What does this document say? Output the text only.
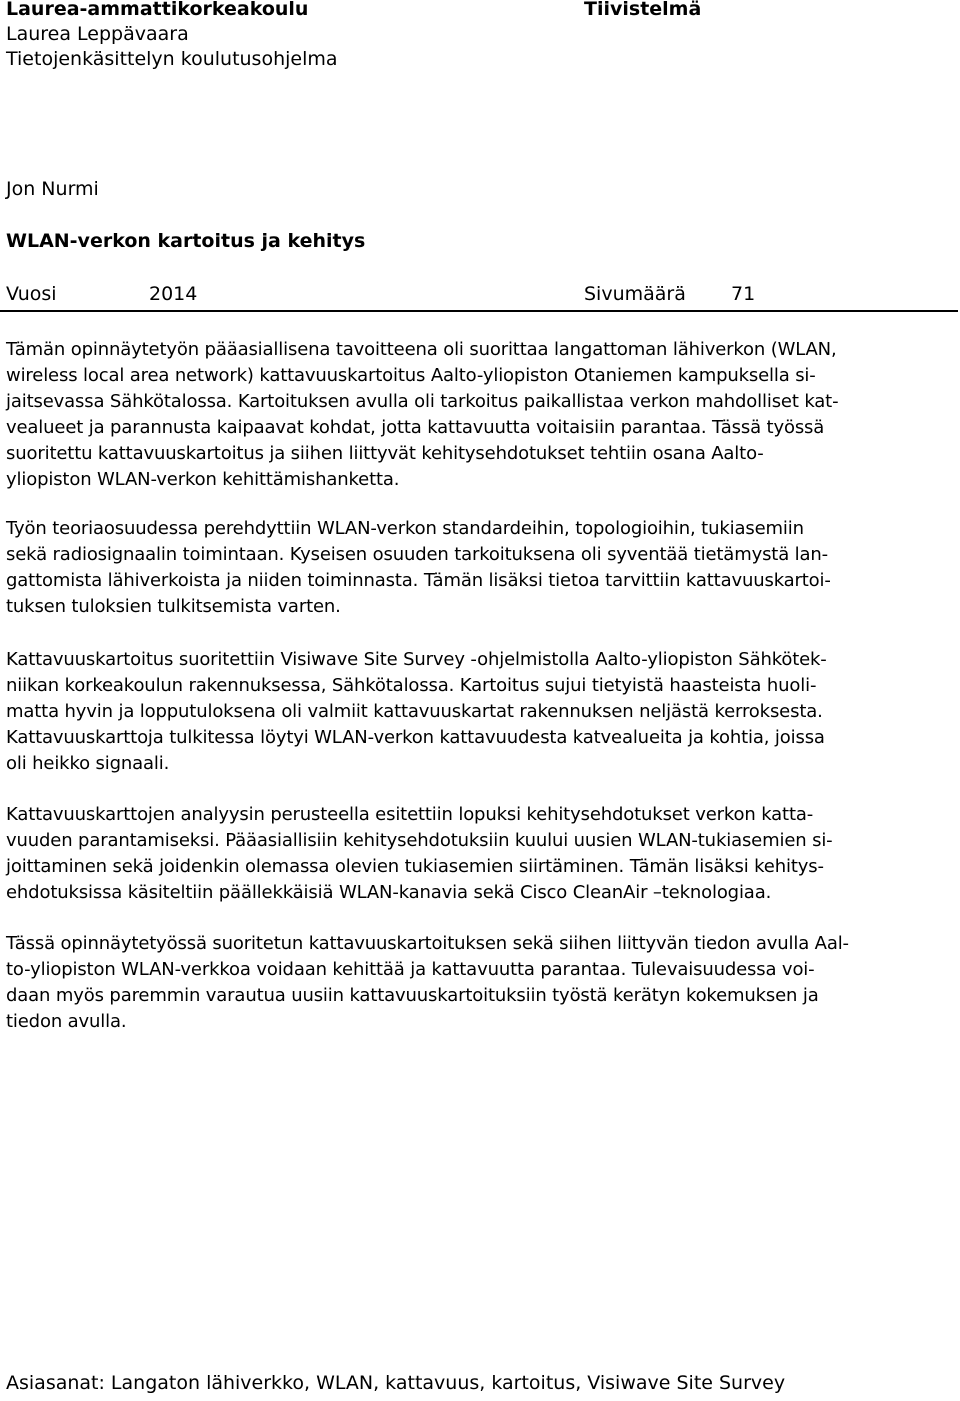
Laurea-ammattikorkeakoulu
Laurea Leppävaara
Tietojenkäsittelyn koulutusohjelma
Tiivistelmä
Jon Nurmi
WLAN-verkon kartoitus ja kehitys
Vuosi	2014	Sivumäärä 71
Tämän opinnäytetyön pääasiallisena tavoitteena oli suorittaa langattoman lähiverkon (WLAN,
wireless local area network) kattavuuskartoitus Aalto-yliopiston Otaniemen kampuksella si-
jaitsevassa Sähkötalossa. Kartoituksen avulla oli tarkoitus paikallistaa verkon mahdolliset kat-
vealueet ja parannusta kaipaavat kohdat, jotta kattavuutta voitaisiin parantaa. Tässä työssä
suoritettu kattavuuskartoitus ja siihen liittyvät kehitysehdotukset tehtiin osana Aalto-
yliopiston WLAN-verkon kehittämishanketta.
Työn teoriaosuudessa perehdyttiin WLAN-verkon standardeihin, topologioihin, tukiasemiin
sekä radiosignaalin toimintaan. Kyseisen osuuden tarkoituksena oli syventää tietämystä lan-
gattomista lähiverkoista ja niiden toiminnasta. Tämän lisäksi tietoa tarvittiin kattavuuskartoi-
tuksen tuloksien tulkitsemista varten.
Kattavuuskartoitus suoritettiin Visiwave Site Survey -ohjelmistolla Aalto-yliopiston Sähkötek-
niikan korkeakoulun rakennuksessa, Sähkötalossa. Kartoitus sujui tietyistä haasteista huoli-
matta hyvin ja lopputuloksena oli valmiit kattavuuskartat rakennuksen neljästä kerroksesta.
Kattavuuskarttoja tulkitessa löytyi WLAN-verkon kattavuudesta katvealueita ja kohtia, joissa
oli heikko signaali.
Kattavuuskarttojen analyysin perusteella esitettiin lopuksi kehitysehdotukset verkon katta-
vuuden parantamiseksi. Pääasiallisiin kehitysehdotuksiin kuului uusien WLAN-tukiasemien si-
joittaminen sekä joidenkin olemassa olevien tukiasemien siirtäminen. Tämän lisäksi kehitys-
ehdotuksissa käsiteltiin päällekkäisiä WLAN-kanavia sekä Cisco CleanAir –teknologiaa.
Tässä opinnäytetyössä suoritetun kattavuuskartoituksen sekä siihen liittyvän tiedon avulla Aal-
to-yliopiston WLAN-verkkoa voidaan kehittää ja kattavuutta parantaa. Tulevaisuudessa voi-
daan myös paremmin varautua uusiin kattavuuskartoituksiin työstä kerätyn kokemuksen ja
tiedon avulla.
Asiasanat: Langaton lähiverkko, WLAN, kattavuus, kartoitus, Visiwave Site Survey
